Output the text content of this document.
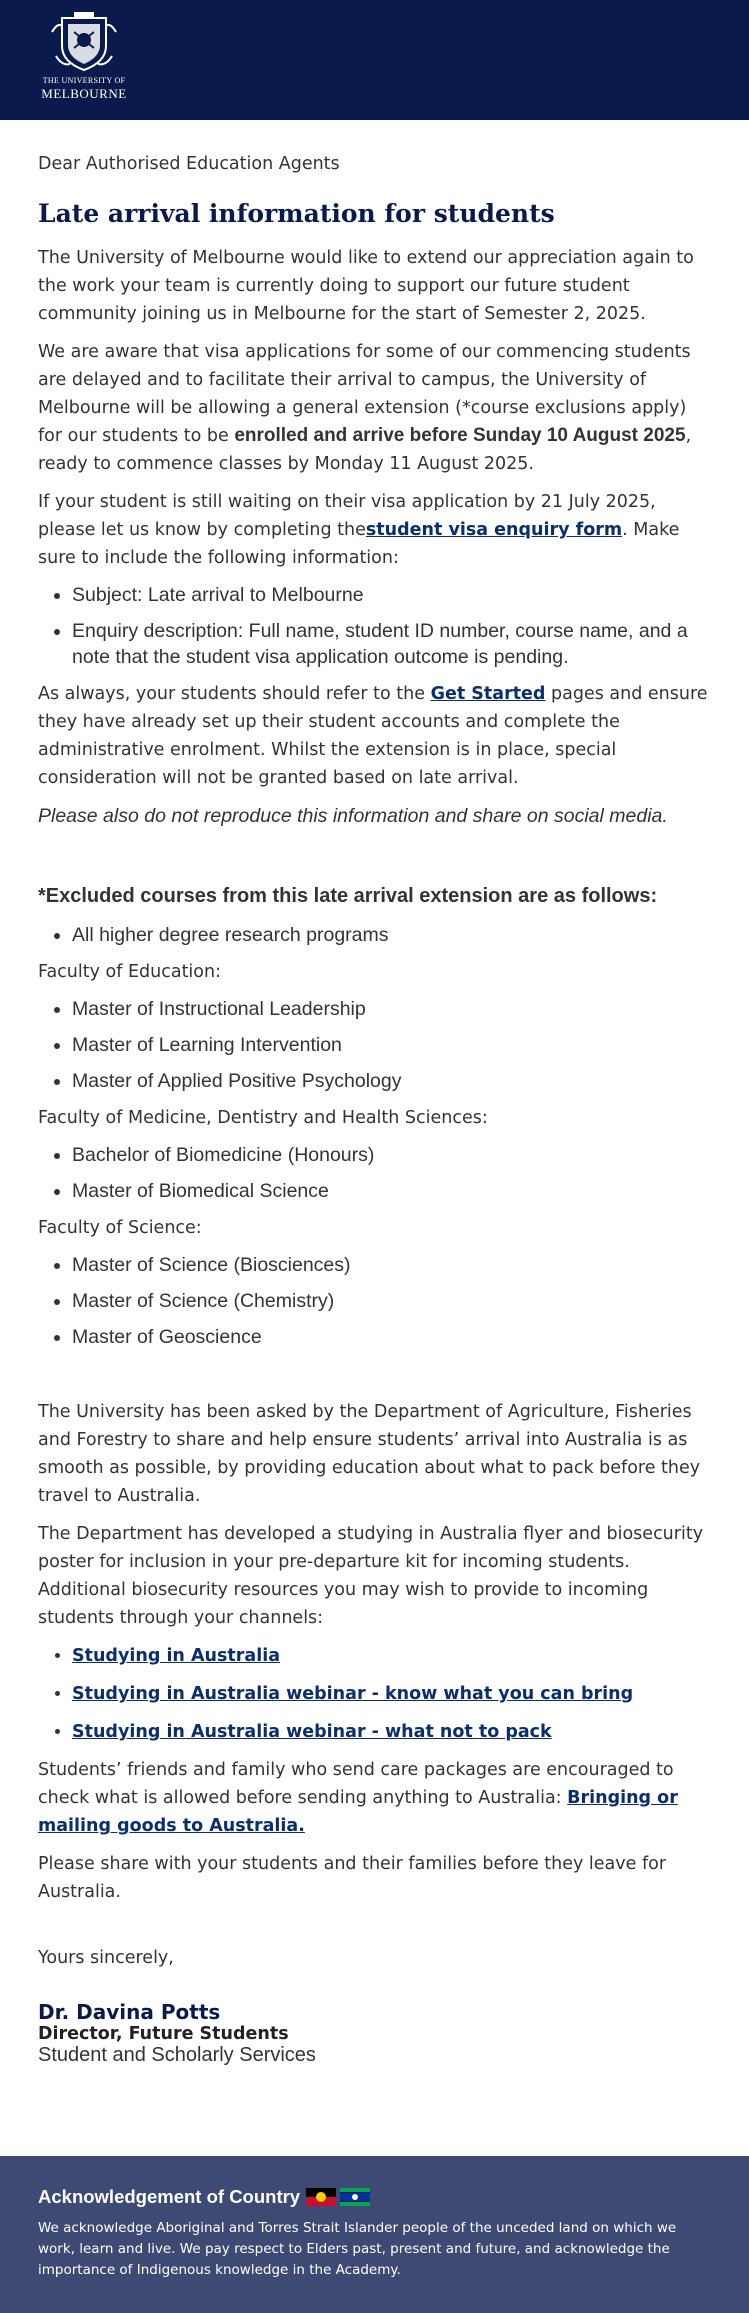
THE UNIVERSITY OF
MELBOURNE

Dear Authorised Education Agents

Late arrival information for students

The University of Melbourne would like to extend our appreciation again to the work your team is currently doing to support our future student community joining us in Melbourne for the start of Semester 2, 2025.

We are aware that visa applications for some of our commencing students are delayed and to facilitate their arrival to campus, the University of Melbourne will be allowing a general extension (*course exclusions apply) for our students to be enrolled and arrive before Sunday 10 August 2025, ready to commence classes by Monday 11 August 2025.

If your student is still waiting on their visa application by 21 July 2025, please let us know by completing thestudent visa enquiry form. Make sure to include the following information:

• Subject: Late arrival to Melbourne
• Enquiry description: Full name, student ID number, course name, and a note that the student visa application outcome is pending.

As always, your students should refer to the Get Started pages and ensure they have already set up their student accounts and complete the administrative enrolment. Whilst the extension is in place, special consideration will not be granted based on late arrival.

Please also do not reproduce this information and share on social media.

*Excluded courses from this late arrival extension are as follows:

• All higher degree research programs

Faculty of Education:

• Master of Instructional Leadership
• Master of Learning Intervention
• Master of Applied Positive Psychology

Faculty of Medicine, Dentistry and Health Sciences:

• Bachelor of Biomedicine (Honours)
• Master of Biomedical Science

Faculty of Science:

• Master of Science (Biosciences)
• Master of Science (Chemistry)
• Master of Geoscience

The University has been asked by the Department of Agriculture, Fisheries and Forestry to share and help ensure students’ arrival into Australia is as smooth as possible, by providing education about what to pack before they travel to Australia.

The Department has developed a studying in Australia flyer and biosecurity poster for inclusion in your pre-departure kit for incoming students. Additional biosecurity resources you may wish to provide to incoming students through your channels:

• Studying in Australia
• Studying in Australia webinar - know what you can bring
• Studying in Australia webinar - what not to pack

Students’ friends and family who send care packages are encouraged to check what is allowed before sending anything to Australia: Bringing or mailing goods to Australia.

Please share with your students and their families before they leave for Australia.

Yours sincerely,

Dr. Davina Potts
Director, Future Students
Student and Scholarly Services
Acknowledgement of Country
We acknowledge Aboriginal and Torres Strait Islander people of the unceded land on which we work, learn and live. We pay respect to Elders past, present and future, and acknowledge the importance of Indigenous knowledge in the Academy.
